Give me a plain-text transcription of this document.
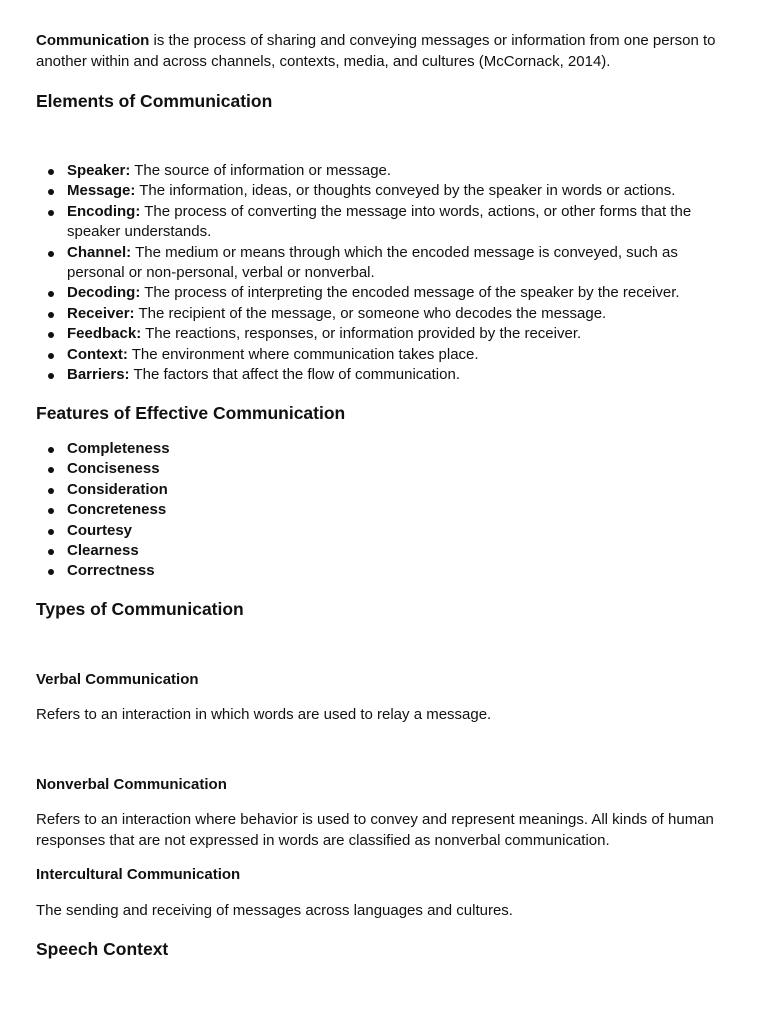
Communication is the process of sharing and conveying messages or information from one person to another within and across channels, contexts, media, and cultures (McCornack, 2014).

Elements of Communication
Speaker: The source of information or message.
Message: The information, ideas, or thoughts conveyed by the speaker in words or actions.
Encoding: The process of converting the message into words, actions, or other forms that the speaker understands.
Channel: The medium or means through which the encoded message is conveyed, such as personal or non-personal, verbal or nonverbal.
Decoding: The process of interpreting the encoded message of the speaker by the receiver.
Receiver: The recipient of the message, or someone who decodes the message.
Feedback: The reactions, responses, or information provided by the receiver.
Context: The environment where communication takes place.
Barriers: The factors that affect the flow of communication.
Features of Effective Communication
Completeness
Conciseness
Consideration
Concreteness
Courtesy
Clearness
Correctness
Types of Communication
Verbal Communication

Refers to an interaction in which words are used to relay a message.

Nonverbal Communication

Refers to an interaction where behavior is used to convey and represent meanings. All kinds of human responses that are not expressed in words are classified as nonverbal communication.

Intercultural Communication

The sending and receiving of messages across languages and cultures.

Speech Context
